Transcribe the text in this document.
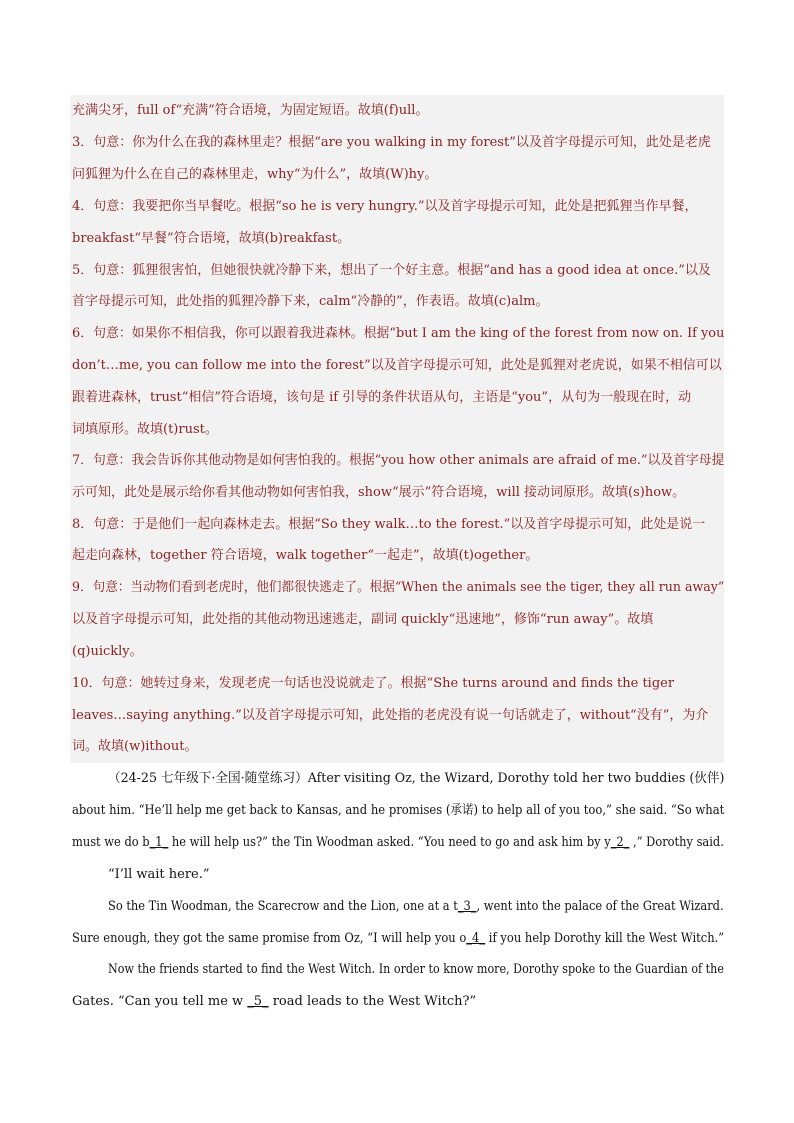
充满尖牙，full of“充满”符合语境，为固定短语。故填(f)ull。
3．句意：你为什么在我的森林里走？根据“are you walking in my forest”以及首字母提示可知，此处是老虎
问狐狸为什么在自己的森林里走，why“为什么”，故填(W)hy。
4．句意：我要把你当早餐吃。根据“so he is very hungry.”以及首字母提示可知，此处是把狐狸当作早餐，
breakfast“早餐”符合语境，故填(b)reakfast。
5．句意：狐狸很害怕，但她很快就冷静下来，想出了一个好主意。根据“and has a good idea at once.”以及
首字母提示可知，此处指的狐狸冷静下来，calm“冷静的”，作表语。故填(c)alm。
6．句意：如果你不相信我，你可以跟着我进森林。根据“but I am the king of the forest from now on. If you
don’t…me, you can follow me into the forest”以及首字母提示可知，此处是狐狸对老虎说，如果不相信可以
跟着进森林，trust“相信”符合语境，该句是 if 引导的条件状语从句，主语是“you”，从句为一般现在时，动
词填原形。故填(t)rust。
7．句意：我会告诉你其他动物是如何害怕我的。根据“you how other animals are afraid of me.”以及首字母提
示可知，此处是展示给你看其他动物如何害怕我，show“展示”符合语境，will 接动词原形。故填(s)how。
8．句意：于是他们一起向森林走去。根据“So they walk…to the forest.”以及首字母提示可知，此处是说一
起走向森林，together 符合语境，walk together“一起走”，故填(t)ogether。
9．句意：当动物们看到老虎时，他们都很快逃走了。根据“When the animals see the tiger, they all run away”
以及首字母提示可知，此处指的其他动物迅速逃走，副词 quickly“迅速地”，修饰“run away”。故填
(q)uickly。
10．句意：她转过身来，发现老虎一句话也没说就走了。根据“She turns around and finds the tiger
leaves…saying anything.”以及首字母提示可知，此处指的老虎没有说一句话就走了，without“没有”，为介
词。故填(w)ithout。
（24-25 七年级下·全国·随堂练习）After visiting Oz, the Wizard, Dorothy told her two buddies (伙伴)
about him. “He’ll help me get back to Kansas, and he promises (承诺) to help all of you too,” she said. “So what
must we do b_1_ he will help us?” the Tin Woodman asked. “You need to go and ask him by y_2_ ,” Dorothy said.
“I’ll wait here.”
So the Tin Woodman, the Scarecrow and the Lion, one at a t_3_, went into the palace of the Great Wizard.
Sure enough, they got the same promise from Oz, “I will help you o_4_ if you help Dorothy kill the West Witch.”
Now the friends started to find the West Witch. In order to know more, Dorothy spoke to the Guardian of the
Gates. “Can you tell me w _5_ road leads to the West Witch?”
